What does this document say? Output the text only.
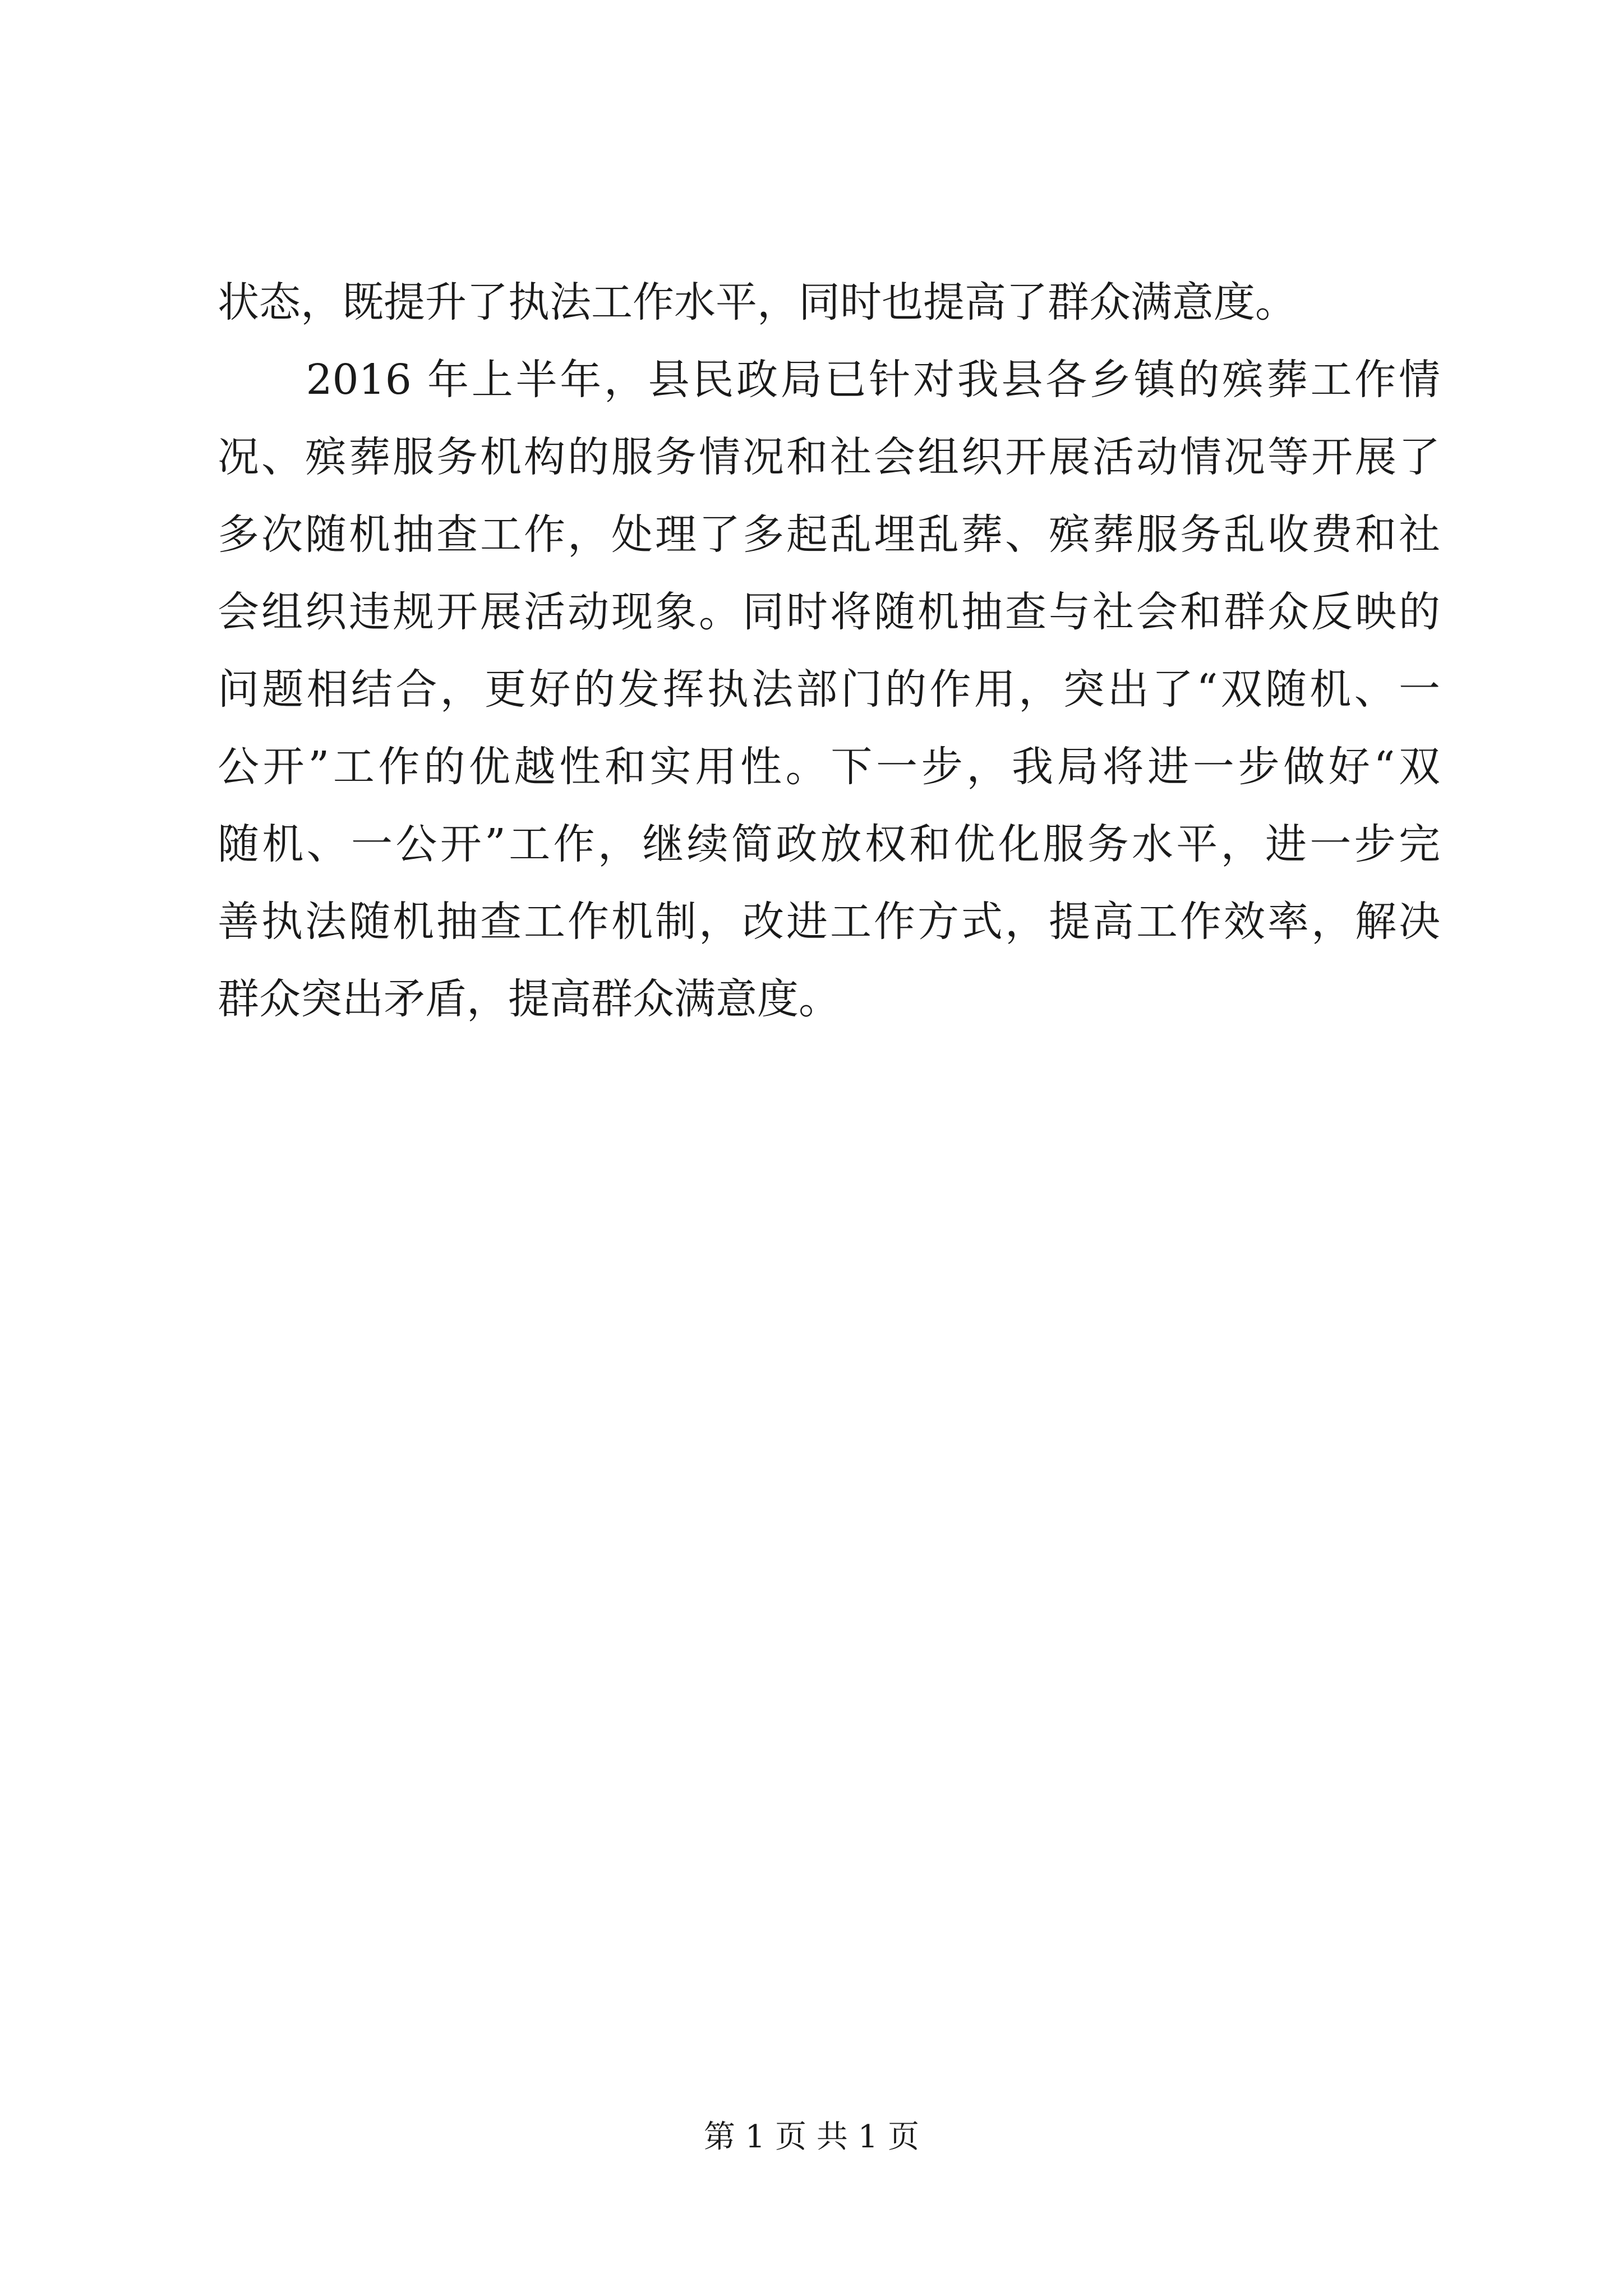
状态，既提升了执法工作水平，同时也提高了群众满意度。
　　2016 年上半年，县民政局已针对我县各乡镇的殡葬工作情
况、殡葬服务机构的服务情况和社会组织开展活动情况等开展了
多次随机抽查工作，处理了多起乱埋乱葬、殡葬服务乱收费和社
会组织违规开展活动现象。同时将随机抽查与社会和群众反映的
问题相结合，更好的发挥执法部门的作用，突出了“双随机、一
公开”工作的优越性和实用性。下一步，我局将进一步做好“双
随机、一公开”工作，继续简政放权和优化服务水平，进一步完
善执法随机抽查工作机制，改进工作方式，提高工作效率，解决
群众突出矛盾，提高群众满意度。
第 1 页 共 1 页
